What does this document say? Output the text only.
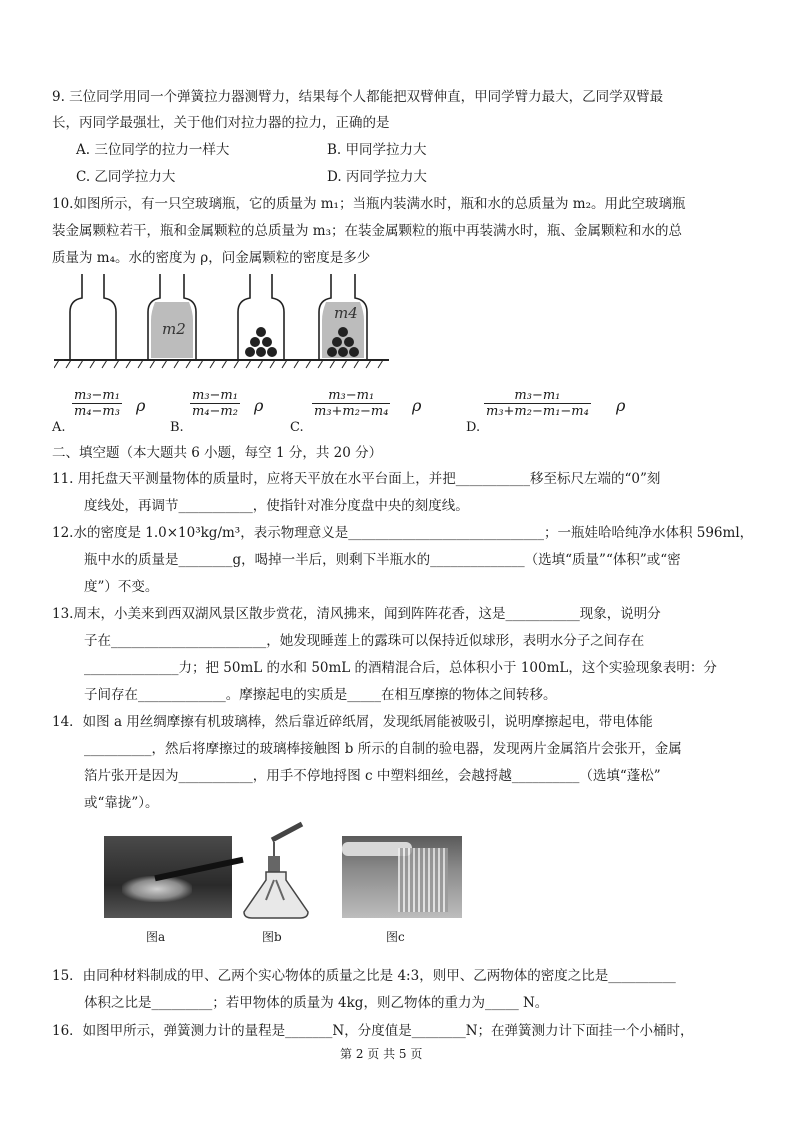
9. 三位同学用同一个弹簧拉力器测臂力，结果每个人都能把双臂伸直，甲同学臂力最大，乙同学双臂最
长，丙同学最强壮，关于他们对拉力器的拉力，正确的是
A. 三位同学的拉力一样大	B. 甲同学拉力大
C. 乙同学拉力大	D. 丙同学拉力大
10.如图所示，有一只空玻璃瓶，它的质量为 m₁；当瓶内装满水时，瓶和水的总质量为 m₂。用此空玻璃瓶
装金属颗粒若干，瓶和金属颗粒的总质量为 m₃；在装金属颗粒的瓶中再装满水时，瓶、金属颗粒和水的总
质量为 m₄。水的密度为 ρ，问金属颗粒的密度是多少
m2
m4
A.
$\frac{\text{m₃−m₁}}{\text{m₄−m₃}}$ ρ
B.
$\frac{\text{m₃−m₁}}{\text{m₄−m₂}}$ ρ
C.
$\frac{\text{m₃−m₁}}{\text{m₃+m₂−m₄}}$ ρ
D.
$\frac{\text{m₃−m₁}}{\text{m₃+m₂−m₁−m₄}}$ ρ
二、填空题（本大题共 6 小题，每空 1 分，共 20 分）
11. 用托盘天平测量物体的质量时，应将天平放在水平台面上，并把___________移至标尺左端的“0”刻
度线处，再调节___________，使指针对准分度盘中央的刻度线。
12.水的密度是 1.0×10³kg/m³，表示物理意义是_____________________________；一瓶娃哈哈纯净水体积 596ml，
瓶中水的质量是________g，喝掉一半后，则剩下半瓶水的______________（选填“质量”“体积”或“密
度”）不变。
13.周末，小美来到西双湖风景区散步赏花，清风拂来，闻到阵阵花香，这是___________现象，说明分
子在_______________________，她发现睡莲上的露珠可以保持近似球形，表明水分子之间存在
______________力；把 50mL 的水和 50mL 的酒精混合后，总体积小于 100mL，这个实验现象表明：分
子间存在_____________。摩擦起电的实质是_____在相互摩擦的物体之间转移。
14．如图 a 用丝绸摩擦有机玻璃棒，然后靠近碎纸屑，发现纸屑能被吸引，说明摩擦起电，带电体能
__________，然后将摩擦过的玻璃棒接触图 b 所示的自制的验电器，发现两片金属箔片会张开，金属
箔片张开是因为___________，用手不停地捋图 c 中塑料细丝，会越捋越__________（选填“蓬松”
或“靠拢”）。
图a	图b	图c
15．由同种材料制成的甲、乙两个实心物体的质量之比是 4:3，则甲、乙两物体的密度之比是__________
体积之比是_________；若甲物体的质量为 4kg，则乙物体的重力为_____ N。
16．如图甲所示，弹簧测力计的量程是_______N，分度值是________N；在弹簧测力计下面挂一个小桶时，
第 2 页 共 5 页
